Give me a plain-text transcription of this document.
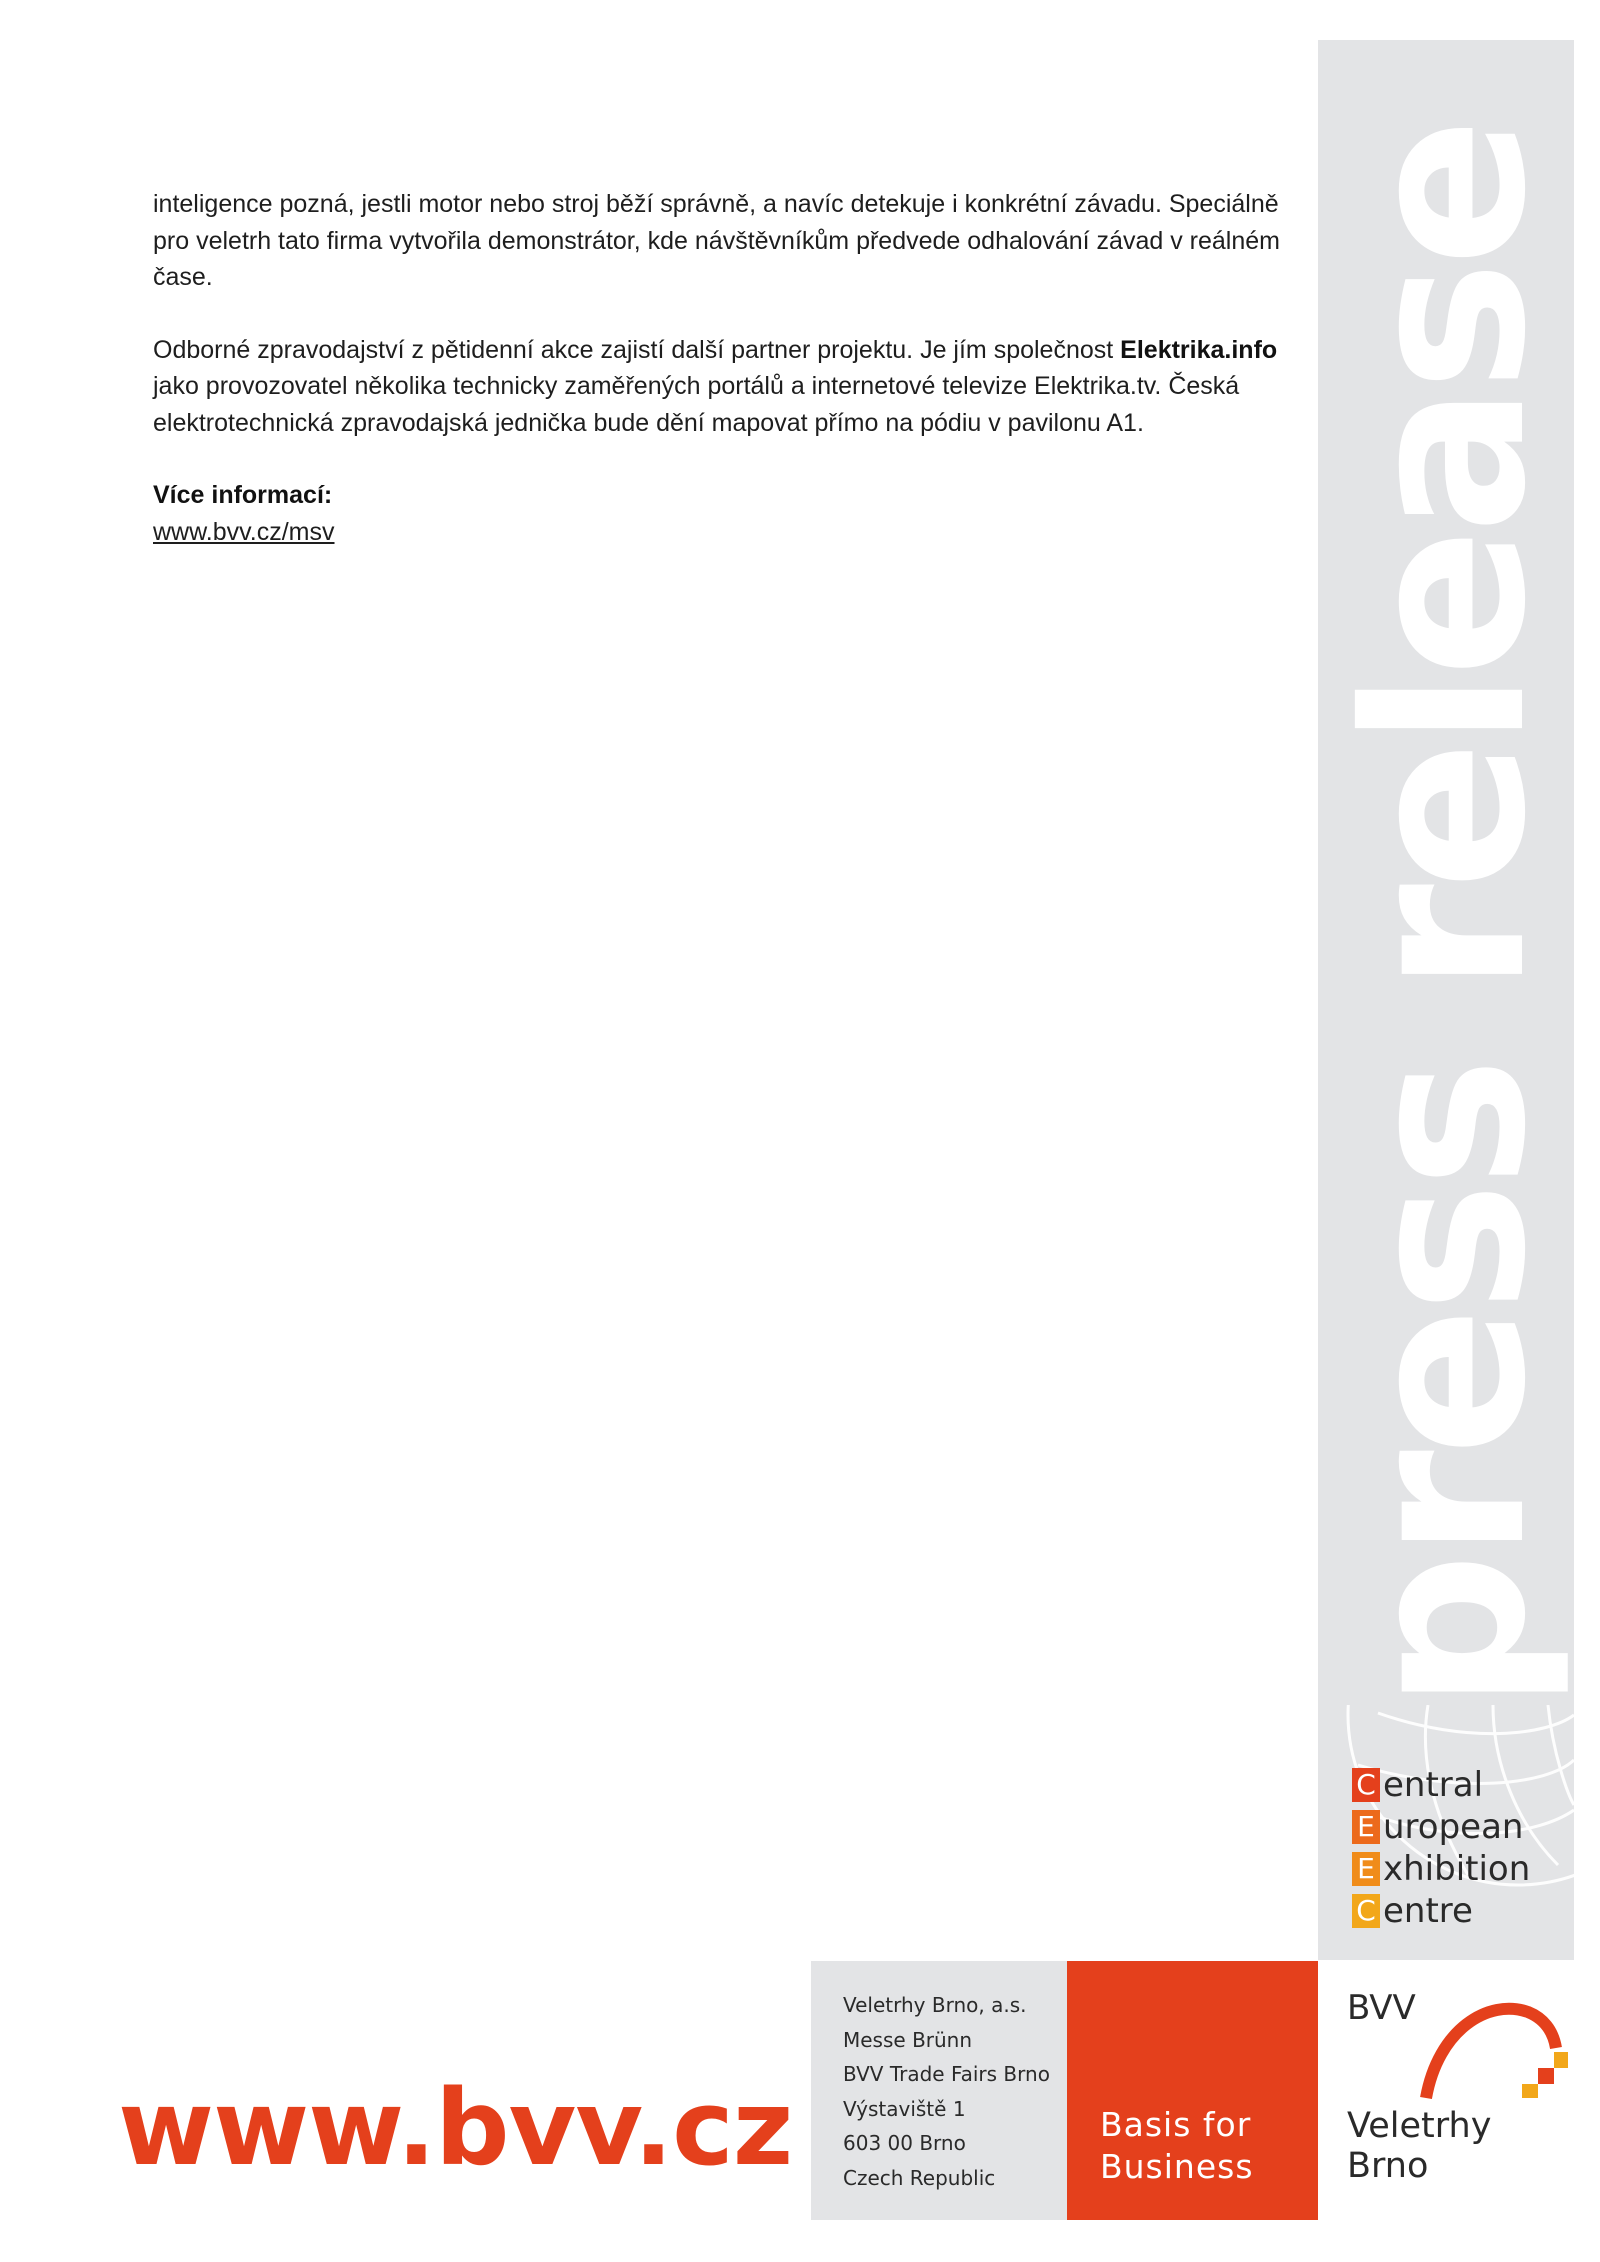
inteligence pozná, jestli motor nebo stroj běží správně, a navíc detekuje i konkrétní závadu. Speciálně pro veletrh tato firma vytvořila demonstrátor, kde návštěvníkům předvede odhalování závad v reálném čase.

Odborné zpravodajství z pětidenní akce zajistí další partner projektu. Je jím společnost Elektrika.info jako provozovatel několika technicky zaměřených portálů a internetové televize Elektrika.tv. Česká elektrotechnická zpravodajská jednička bude dění mapovat přímo na pódiu v pavilonu A1.

Více informací:
www.bvv.cz/msv	press release
C entral
E uropean
E xhibition
C entre
www.bvv.cz
Veletrhy Brno, a.s.
Messe Brünn
BVV Trade Fairs Brno
Výstaviště 1
603 00 Brno
Czech Republic
Basis for
Business
BVV
Veletrhy
Brno
